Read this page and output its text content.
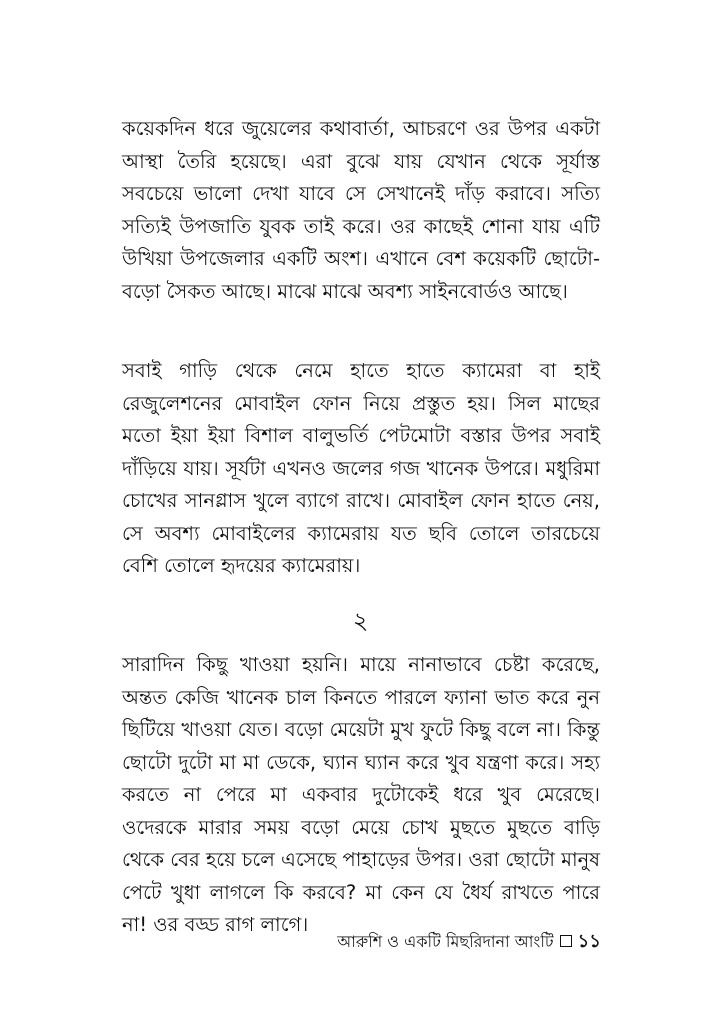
কয়েকদিন ধরে জুয়েলের কথাবার্তা, আচরণে ওর উপর একটা আস্থা তৈরি হয়েছে। এরা বুঝে যায় যেখান থেকে সূর্যাস্ত সবচেয়ে ভালো দেখা যাবে সে সেখানেই দাঁড় করাবে। সত্যি সত্যিই উপজাতি যুবক তাই করে। ওর কাছেই শোনা যায় এটি উখিয়া উপজেলার একটি অংশ। এখানে বেশ কয়েকটি ছোটো-বড়ো সৈকত আছে। মাঝে মাঝে অবশ্য সাইনবোর্ডও আছে।

সবাই গাড়ি থেকে নেমে হাতে হাতে ক্যামেরা বা হাই রেজুলেশনের মোবাইল ফোন নিয়ে প্রস্তুত হয়। সিল মাছের মতো ইয়া ইয়া বিশাল বালুভর্তি পেটমোটা বস্তার উপর সবাই দাঁড়িয়ে যায়। সূর্যটা এখনও জলের গজ খানেক উপরে। মধুরিমা চোখের সানগ্লাস খুলে ব্যাগে রাখে। মোবাইল ফোন হাতে নেয়, সে অবশ্য মোবাইলের ক্যামেরায় যত ছবি তোলে তারচেয়ে বেশি তোলে হৃদয়ের ক্যামেরায়।

২

সারাদিন কিছু খাওয়া হয়নি। মায়ে নানাভাবে চেষ্টা করেছে, অন্তত কেজি খানেক চাল কিনতে পারলে ফ্যানা ভাত করে নুন ছিটিয়ে খাওয়া যেত। বড়ো মেয়েটা মুখ ফুটে কিছু বলে না। কিন্তু ছোটো দুটো মা মা ডেকে, ঘ্যান ঘ্যান করে খুব যন্ত্রণা করে। সহ্য করতে না পেরে মা একবার দুটোকেই ধরে খুব মেরেছে। ওদেরকে মারার সময় বড়ো মেয়ে চোখ মুছতে মুছতে বাড়ি থেকে বের হয়ে চলে এসেছে পাহাড়ের উপর। ওরা ছোটো মানুষ পেটে খুধা লাগলে কি করবে? মা কেন যে ধৈর্য রাখতে পারে না! ওর বড্ড রাগ লাগে।

আরুশি ও একটি মিছরিদানা আংটি ১১
